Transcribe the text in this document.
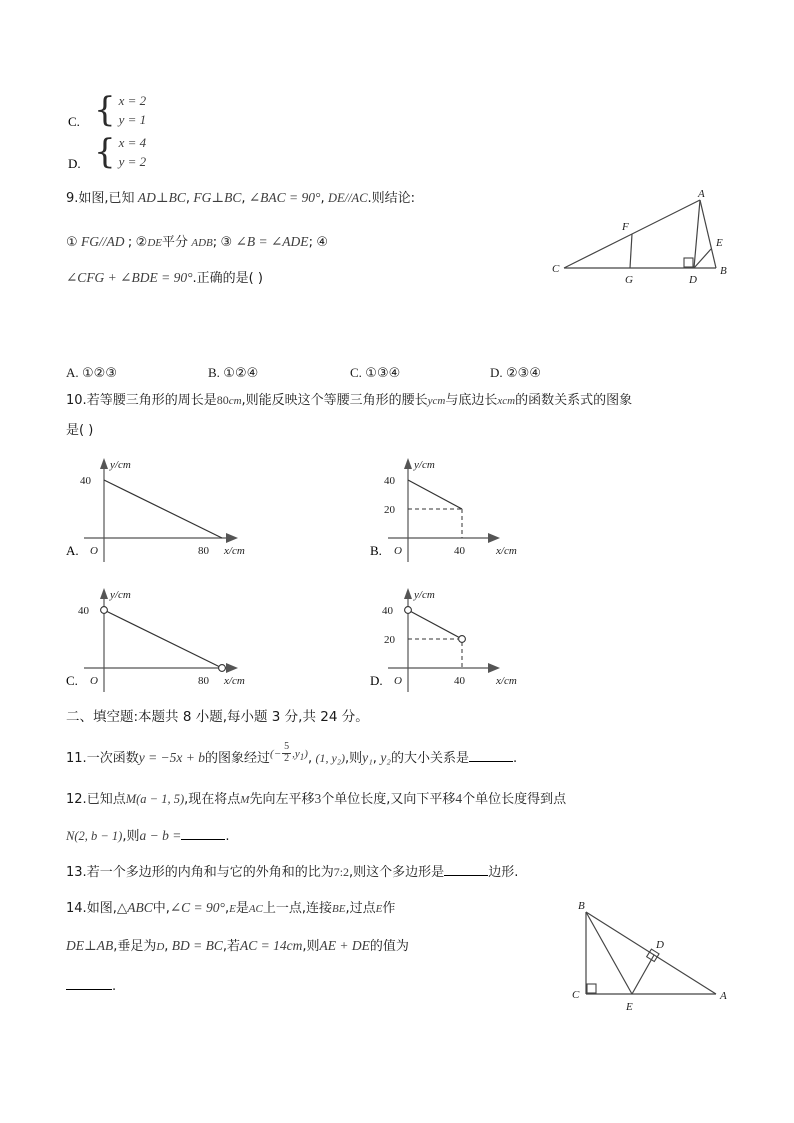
C. { x = 2
y = 1
D. { x = 4
y = 2
9.如图,已知 AD⊥BC, FG⊥BC, ∠BAC = 90°, DE//AC.则结论:
① FG//AD ; ②DE平分 ADB; ③ ∠B = ∠ADE; ④
∠CFG + ∠BDE = 90°.正确的是( )
A
F
E
C
G	D
B
A. ①②③	B. ①②④	C. ①③④	D. ②③④
10.若等腰三角形的周长是80cm,则能反映这个等腰三角形的腰长ycm与底边长xcm的函数关系式的图象
是( )
40
80
O
y/cm
x/cm
A.
40
20
40
O
y/cm
x/cm
B.
40
80
O
y/cm
x/cm
C.
40
20
40
O
y/cm
x/cm
D.
二、填空题:本题共 8 小题,每小题 3 分,共 24 分。
11.一次函数y = −5x + b的图象经过$^{(- \frac{5}{2} ,y_1)}$, (1, y₂),则y₁, y₂的大小关系是	.
12.已知点M(a − 1, 5),现在将点M先向左平移3个单位长度,又向下平移4个单位长度得到点
N(2, b − 1),则a − b =	.
13.若一个多边形的内角和与它的外角和的比为7:2,则这个多边形是	边形.
14.如图,△ABC中,∠C = 90°,E是AC上一点,连接BE,过点E作
DE⊥AB,垂足为D, BD = BC,若AC = 14cm,则AE + DE的值为
.
B
D
C
E
A
